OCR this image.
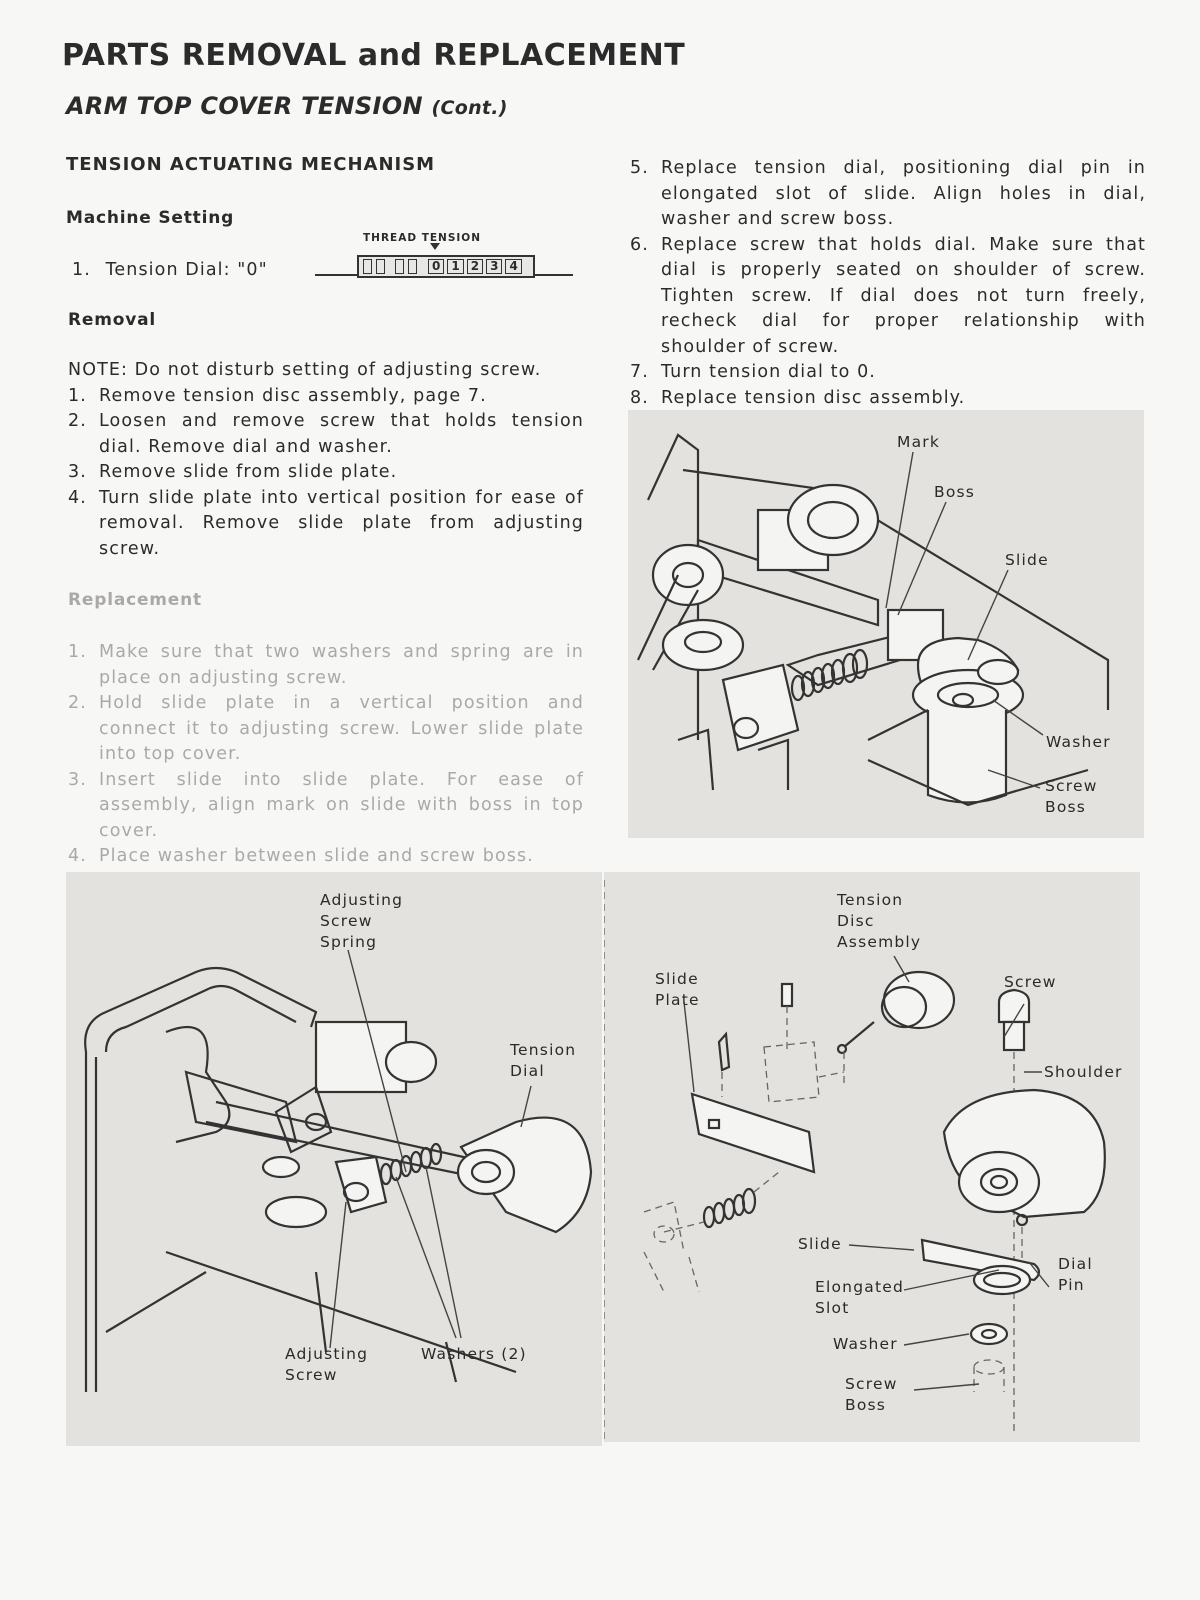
PARTS REMOVAL and REPLACEMENT
ARM TOP COVER TENSION (Cont.)
TENSION ACTUATING MECHANISM
Machine Setting
1. Tension Dial: "0"
THREAD TENSION
0 1 2 3 4
Removal
NOTE: Do not disturb setting of adjusting screw.
1. Remove tension disc assembly, page 7.
2. Loosen and remove screw that holds tension dial. Remove dial and washer.
3. Remove slide from slide plate.
4. Turn slide plate into vertical position for ease of removal. Remove slide plate from adjusting screw.
Replacement
1. Make sure that two washers and spring are in place on adjusting screw.
2. Hold slide plate in a vertical position and connect it to adjusting screw. Lower slide plate into top cover.
3. Insert slide into slide plate. For ease of assembly, align mark on slide with boss in top cover.
4. Place washer between slide and screw boss.
5. Replace tension dial, positioning dial pin in elongated slot of slide. Align holes in dial, washer and screw boss.
6. Replace screw that holds dial. Make sure that dial is properly seated on shoulder of screw. Tighten screw. If dial does not turn freely, recheck dial for proper relationship with shoulder of screw.
7. Turn tension dial to 0.
8. Replace tension disc assembly.
Mark
Boss
Slide
Washer
Screw
Boss
Adjusting
Screw
Spring
Tension
Dial
Adjusting
Screw
Washers (2)
Tension
Disc
Assembly
Slide
Plate
Screw
Shoulder
Slide
Dial
Pin
Elongated
Slot
Washer
Screw
Boss
